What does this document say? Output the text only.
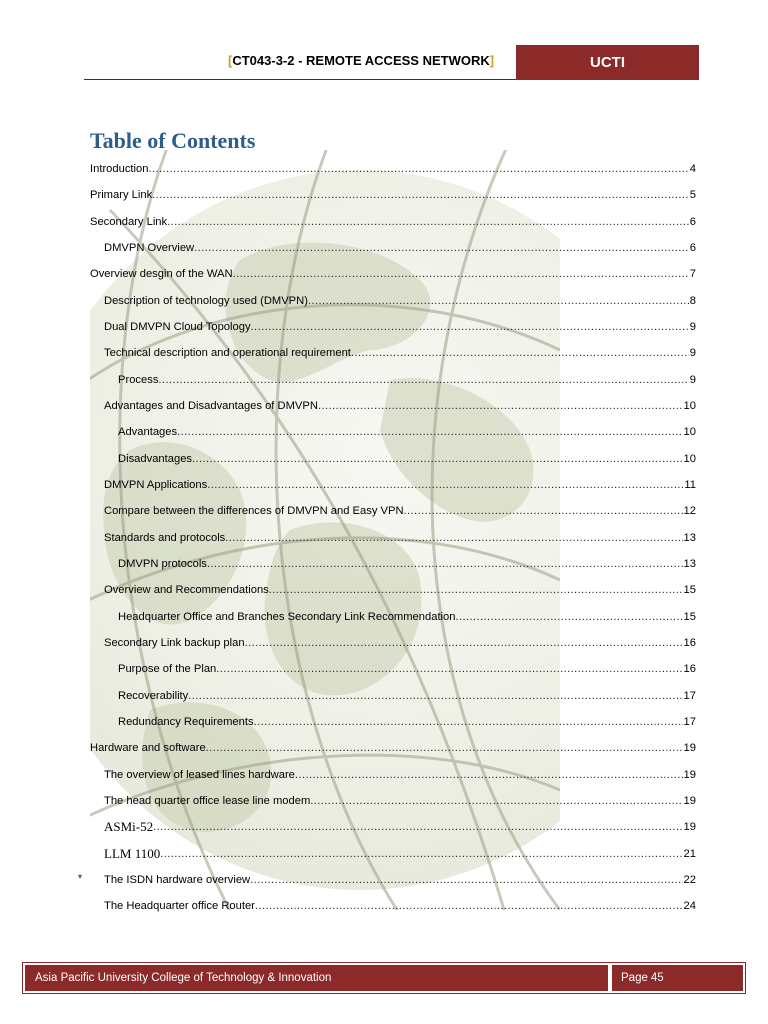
[CT043-3-2 - REMOTE ACCESS NETWORK]	UCTI
Table of Contents
Introduction .....	4
Primary Link .....	5
Secondary Link .....	6
DMVPN Overview .....	6
Overview desgin of the WAN .....	7
Description of technology used (DMVPN) .....	8
Dual DMVPN Cloud Topology .....	9
Technical description and operational requirement .....	9
Process .....	9
Advantages and Disadvantages of DMVPN .....	10
Advantages .....	10
Disadvantages .....	10
DMVPN Applications .....	11
Compare between the differences of DMVPN and Easy VPN .....	12
Standards and protocols .....	13
DMVPN protocols .....	13
Overview and Recommendations .....	15
Headquarter Office and Branches Secondary Link Recommendation .....	15
Secondary Link backup plan .....	16
Purpose of the Plan .....	16
Recoverability .....	17
Redundancy Requirements .....	17
Hardware and software .....	19
The overview of leased lines hardware .....	19
The head quarter office lease line modem .....	19
ASMi-52 .....	19
LLM 1100 .....	21
The ISDN hardware overview .....	22
The Headquarter office Router .....	24
▾
Asia Pacific University College of Technology & Innovation	Page 45
